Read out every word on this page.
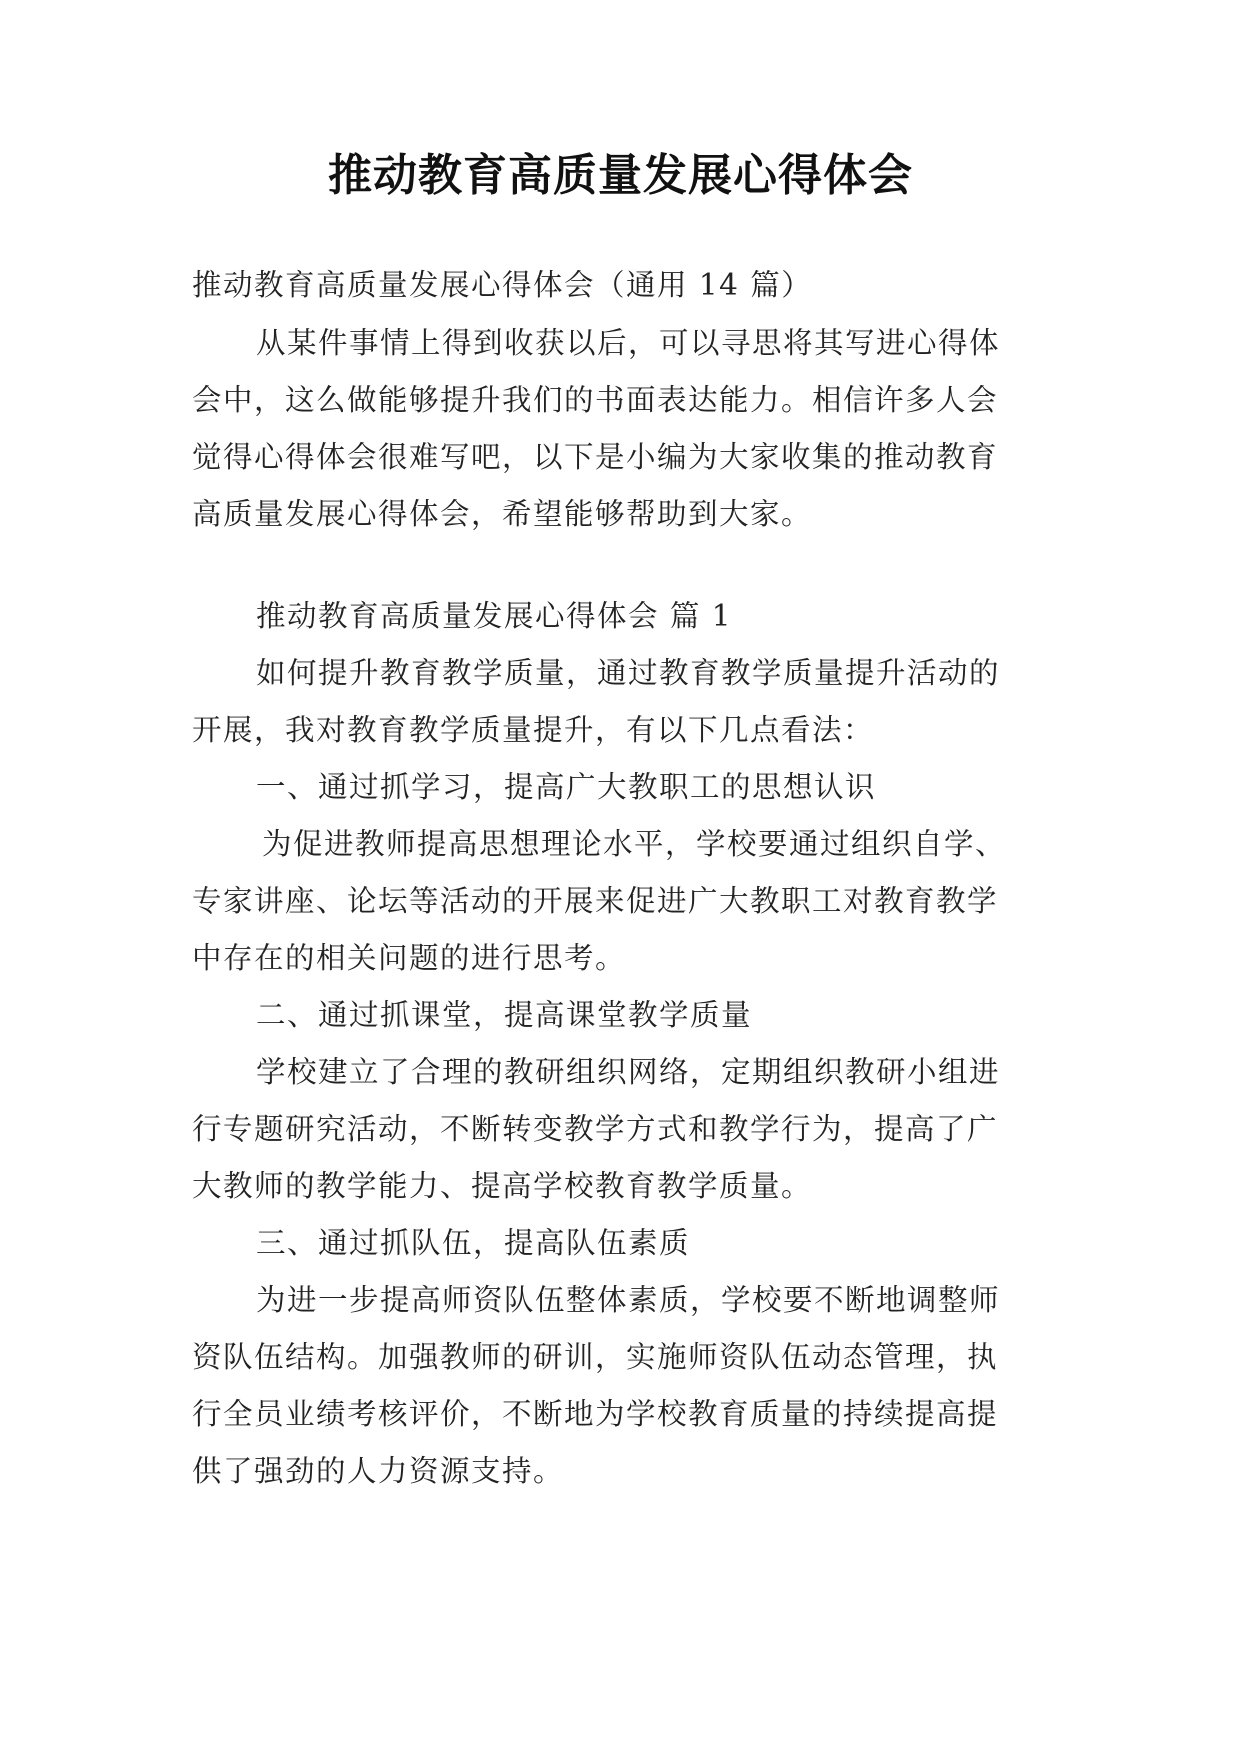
推动教育高质量发展心得体会
推动教育高质量发展心得体会（通用 14 篇）
从某件事情上得到收获以后，可以寻思将其写进心得体
会中，这么做能够提升我们的书面表达能力。相信许多人会
觉得心得体会很难写吧，以下是小编为大家收集的推动教育
高质量发展心得体会，希望能够帮助到大家。
推动教育高质量发展心得体会 篇 1
如何提升教育教学质量，通过教育教学质量提升活动的
开展，我对教育教学质量提升，有以下几点看法：
一、通过抓学习，提高广大教职工的思想认识
为促进教师提高思想理论水平，学校要通过组织自学、
专家讲座、论坛等活动的开展来促进广大教职工对教育教学
中存在的相关问题的进行思考。
二、通过抓课堂，提高课堂教学质量
学校建立了合理的教研组织网络，定期组织教研小组进
行专题研究活动，不断转变教学方式和教学行为，提高了广
大教师的教学能力、提高学校教育教学质量。
三、通过抓队伍，提高队伍素质
为进一步提高师资队伍整体素质，学校要不断地调整师
资队伍结构。加强教师的研训，实施师资队伍动态管理，执
行全员业绩考核评价，不断地为学校教育质量的持续提高提
供了强劲的人力资源支持。
